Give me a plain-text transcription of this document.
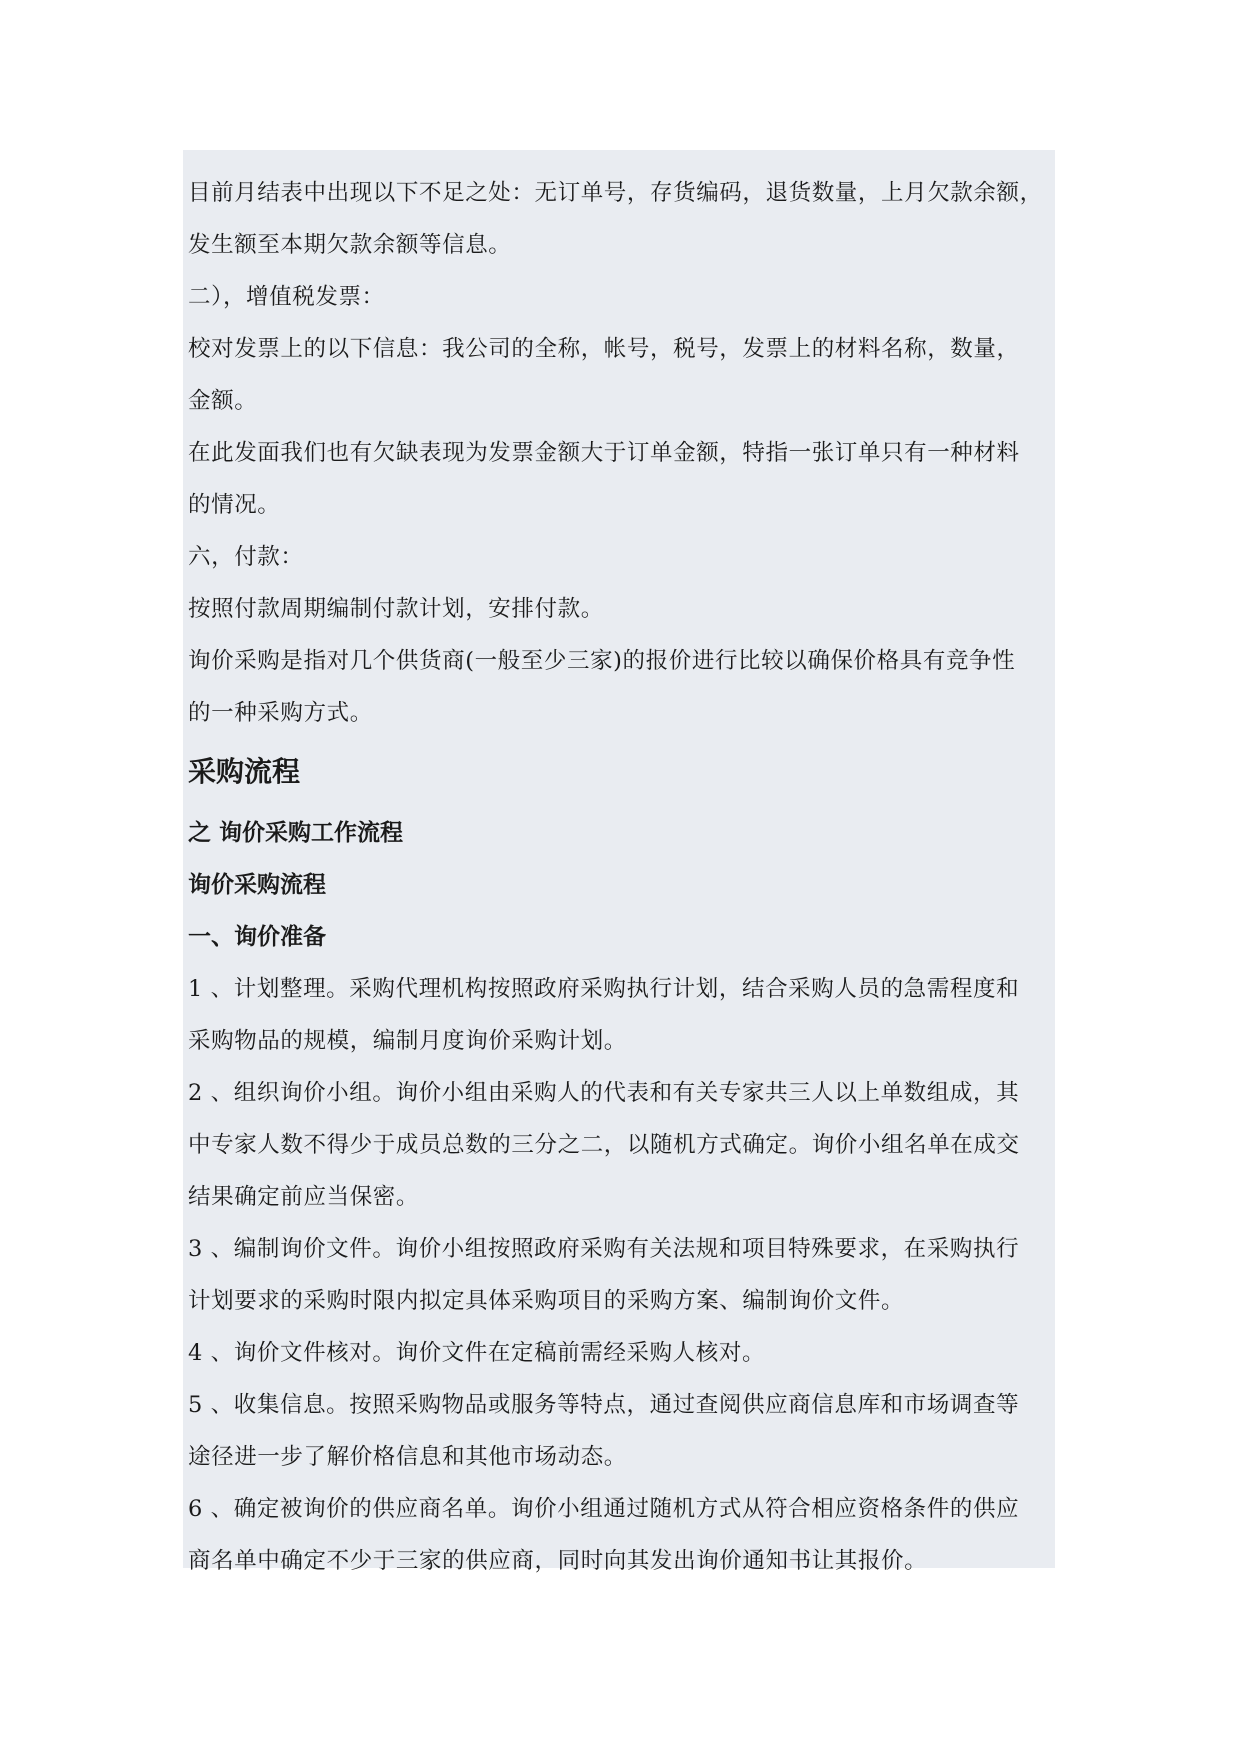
目前月结表中出现以下不足之处：无订单号，存货编码，退货数量，上月欠款余额，

发生额至本期欠款余额等信息。

二），增值税发票：

校对发票上的以下信息：我公司的全称，帐号，税号，发票上的材料名称，数量，

金额。

在此发面我们也有欠缺表现为发票金额大于订单金额，特指一张订单只有一种材料

的情况。

六，付款：

按照付款周期编制付款计划，安排付款。

询价采购是指对几个供货商(一般至少三家)的报价进行比较以确保价格具有竞争性

的一种采购方式。

采购流程
之 询价采购工作流程
询价采购流程
一、询价准备

1 、计划整理。采购代理机构按照政府采购执行计划，结合采购人员的急需程度和

采购物品的规模，编制月度询价采购计划。

2 、组织询价小组。询价小组由采购人的代表和有关专家共三人以上单数组成，其

中专家人数不得少于成员总数的三分之二，以随机方式确定。询价小组名单在成交

结果确定前应当保密。

3 、编制询价文件。询价小组按照政府采购有关法规和项目特殊要求，在采购执行

计划要求的采购时限内拟定具体采购项目的采购方案、编制询价文件。

4 、询价文件核对。询价文件在定稿前需经采购人核对。

5 、收集信息。按照采购物品或服务等特点，通过查阅供应商信息库和市场调查等

途径进一步了解价格信息和其他市场动态。

6 、确定被询价的供应商名单。询价小组通过随机方式从符合相应资格条件的供应

商名单中确定不少于三家的供应商，同时向其发出询价通知书让其报价。
